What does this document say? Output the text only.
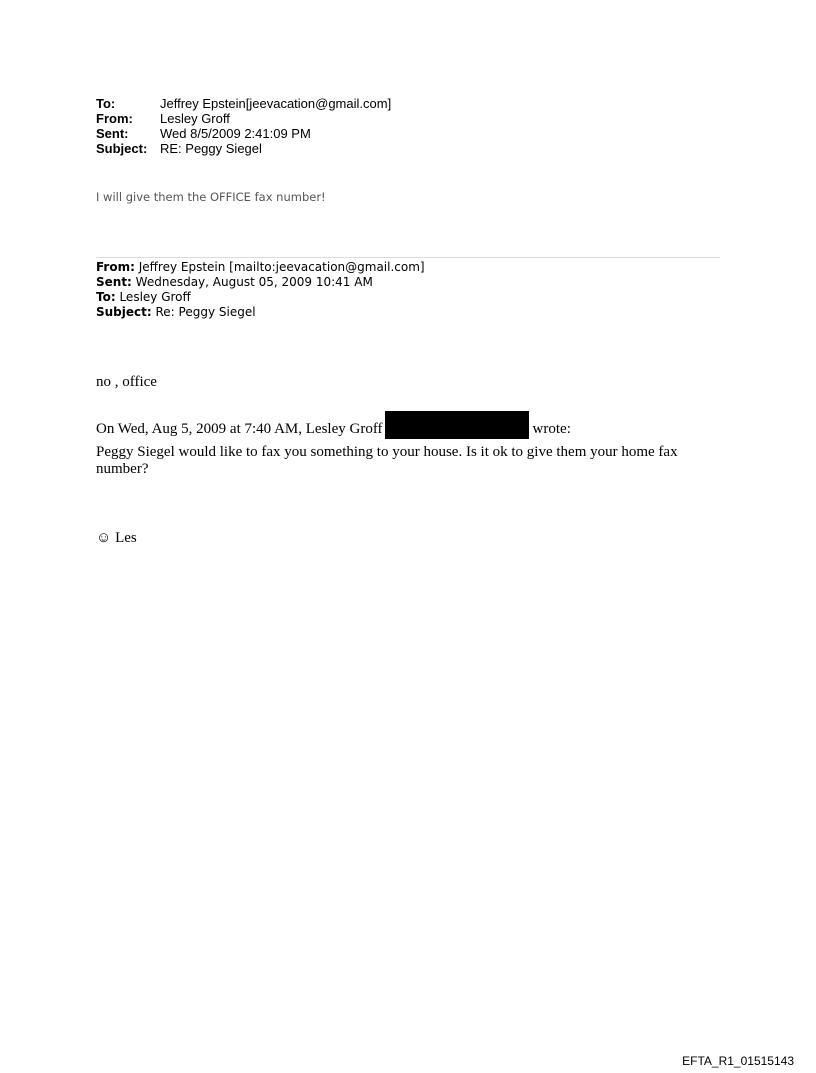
To:	Jeffrey Epstein[jeevacation@gmail.com]
From:	Lesley Groff
Sent:	Wed 8/5/2009 2:41:09 PM
Subject: RE: Peggy Siegel
I will give them the OFFICE fax number!
From: Jeffrey Epstein [mailto:jeevacation@gmail.com]
Sent: Wednesday, August 05, 2009 10:41 AM
To: Lesley Groff
Subject: Re: Peggy Siegel

no , office

On Wed, Aug 5, 2009 at 7:40 AM, Lesley Groff	wrote:

Peggy Siegel would like to fax you something to your house. Is it ok to give them your home fax number?

☺ Les

EFTA_R1_01515143
